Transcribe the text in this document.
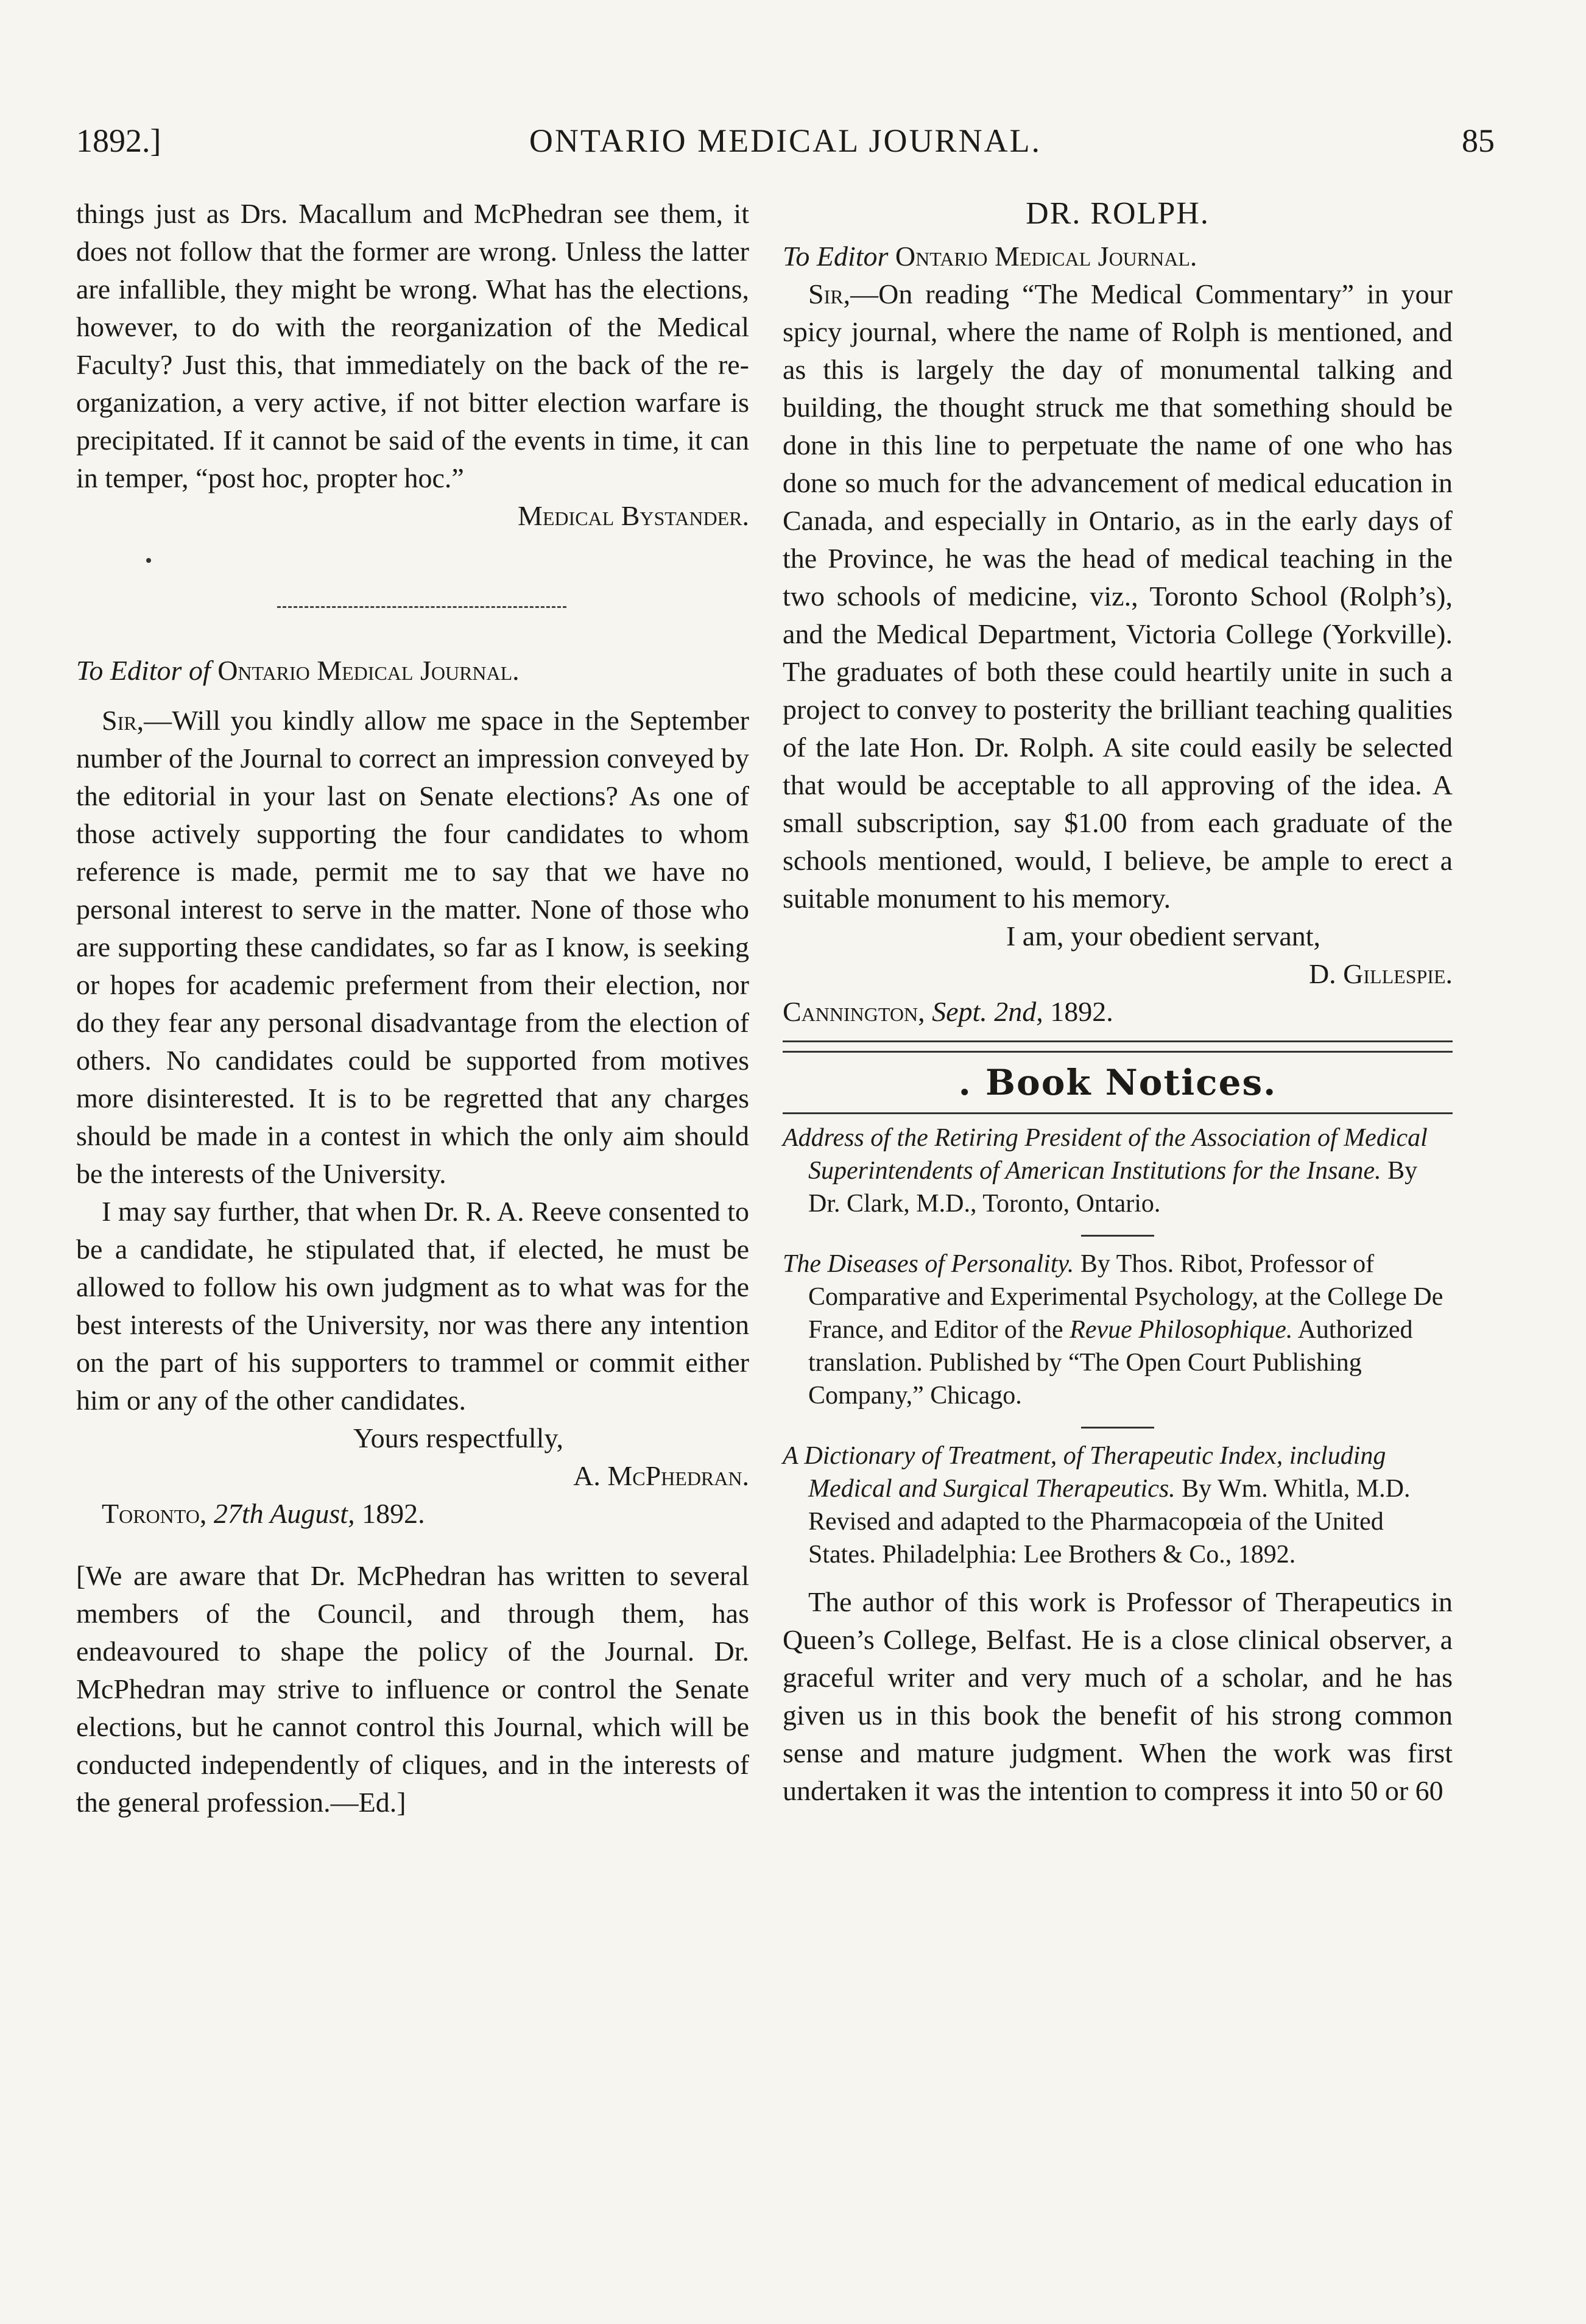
1892.]	ONTARIO MEDICAL JOURNAL.	85

things just as Drs. Macallum and McPhedran see them, it does not follow that the former are wrong. Unless the latter are infallible, they might be wrong. What has the elections, however, to do with the reorganization of the Medical Faculty? Just this, that immediately on the back of the re-organization, a very active, if not bitter election warfare is precipitated. If it cannot be said of the events in time, it can in temper, “post hoc, propter hoc.”

Medical Bystander.

To Editor of Ontario Medical Journal.

Sir,—Will you kindly allow me space in the September number of the Journal to correct an impression conveyed by the editorial in your last on Senate elections? As one of those actively supporting the four candidates to whom reference is made, permit me to say that we have no personal interest to serve in the matter. None of those who are supporting these candidates, so far as I know, is seeking or hopes for academic preferment from their election, nor do they fear any personal disadvantage from the election of others. No candidates could be supported from motives more disinterested. It is to be regretted that any charges should be made in a contest in which the only aim should be the interests of the University.

I may say further, that when Dr. R. A. Reeve consented to be a candidate, he stipulated that, if elected, he must be allowed to follow his own judgment as to what was for the best interests of the University, nor was there any intention on the part of his supporters to trammel or commit either him or any of the other candidates.

Yours respectfully,

A. McPhedran.

Toronto, 27th August, 1892.

[We are aware that Dr. McPhedran has written to several members of the Council, and through them, has endeavoured to shape the policy of the Journal. Dr. McPhedran may strive to influence or control the Senate elections, but he cannot control this Journal, which will be conducted independently of cliques, and in the interests of the general profession.—Ed.]

DR. ROLPH.

To Editor Ontario Medical Journal.

Sir,—On reading “The Medical Commentary” in your spicy journal, where the name of Rolph is mentioned, and as this is largely the day of monumental talking and building, the thought struck me that something should be done in this line to perpetuate the name of one who has done so much for the advancement of medical education in Canada, and especially in Ontario, as in the early days of the Province, he was the head of medical teaching in the two schools of medicine, viz., Toronto School (Rolph’s), and the Medical Department, Victoria College (Yorkville). The graduates of both these could heartily unite in such a project to convey to posterity the brilliant teaching qualities of the late Hon. Dr. Rolph. A site could easily be selected that would be acceptable to all approving of the idea. A small subscription, say $1.00 from each graduate of the schools mentioned, would, I believe, be ample to erect a suitable monument to his memory.

I am, your obedient servant,

D. Gillespie.

Cannington, Sept. 2nd, 1892.

. Book Notices.

Address of the Retiring President of the Association of Medical Superintendents of American Institutions for the Insane. By Dr. Clark, M.D., Toronto, Ontario.

The Diseases of Personality. By Thos. Ribot, Professor of Comparative and Experimental Psychology, at the College De France, and Editor of the Revue Philosophique. Authorized translation. Published by “The Open Court Publishing Company,” Chicago.

A Dictionary of Treatment, of Therapeutic Index, including Medical and Surgical Therapeutics. By Wm. Whitla, M.D. Revised and adapted to the Pharmacopœia of the United States. Philadelphia: Lee Brothers & Co., 1892.

The author of this work is Professor of Therapeutics in Queen’s College, Belfast. He is a close clinical observer, a graceful writer and very much of a scholar, and he has given us in this book the benefit of his strong common sense and mature judgment. When the work was first undertaken it was the intention to compress it into 50 or 60
